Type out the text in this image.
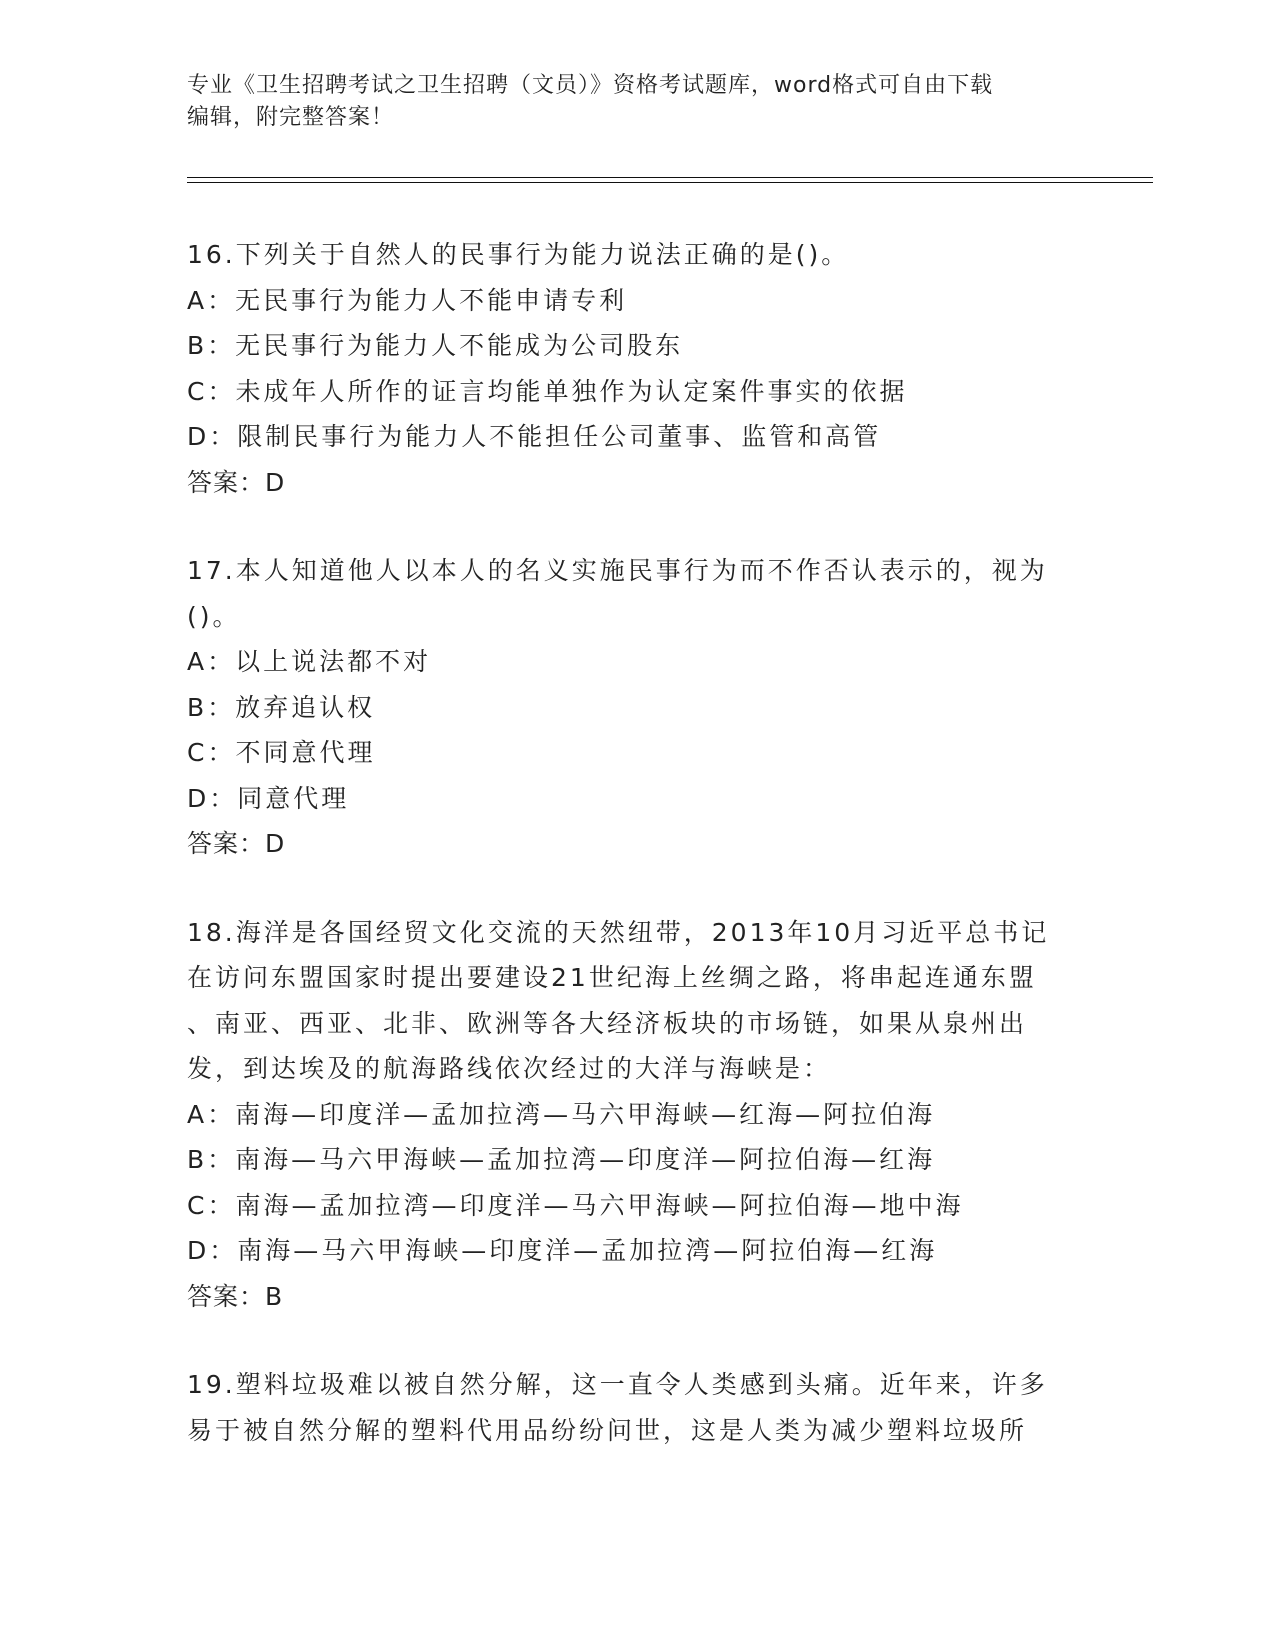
专业《卫生招聘考试之卫生招聘（文员）》资格考试题库，word格式可自由下载
编辑，附完整答案！
16.下列关于自然人的民事行为能力说法正确的是()。
A：无民事行为能力人不能申请专利
B：无民事行为能力人不能成为公司股东
C：未成年人所作的证言均能单独作为认定案件事实的依据
D：限制民事行为能力人不能担任公司董事、监管和高管
答案：D
17.本人知道他人以本人的名义实施民事行为而不作否认表示的，视为
()。
A：以上说法都不对
B：放弃追认权
C：不同意代理
D：同意代理
答案：D
18.海洋是各国经贸文化交流的天然纽带，2013年10月习近平总书记
在访问东盟国家时提出要建设21世纪海上丝绸之路，将串起连通东盟
、南亚、西亚、北非、欧洲等各大经济板块的市场链，如果从泉州出
发，到达埃及的航海路线依次经过的大洋与海峡是：
A：南海—印度洋—孟加拉湾—马六甲海峡—红海—阿拉伯海
B：南海—马六甲海峡—孟加拉湾—印度洋—阿拉伯海—红海
C：南海—孟加拉湾—印度洋—马六甲海峡—阿拉伯海—地中海
D：南海—马六甲海峡—印度洋—孟加拉湾—阿拉伯海—红海
答案：B
19.塑料垃圾难以被自然分解，这一直令人类感到头痛。近年来，许多
易于被自然分解的塑料代用品纷纷问世，这是人类为减少塑料垃圾所
